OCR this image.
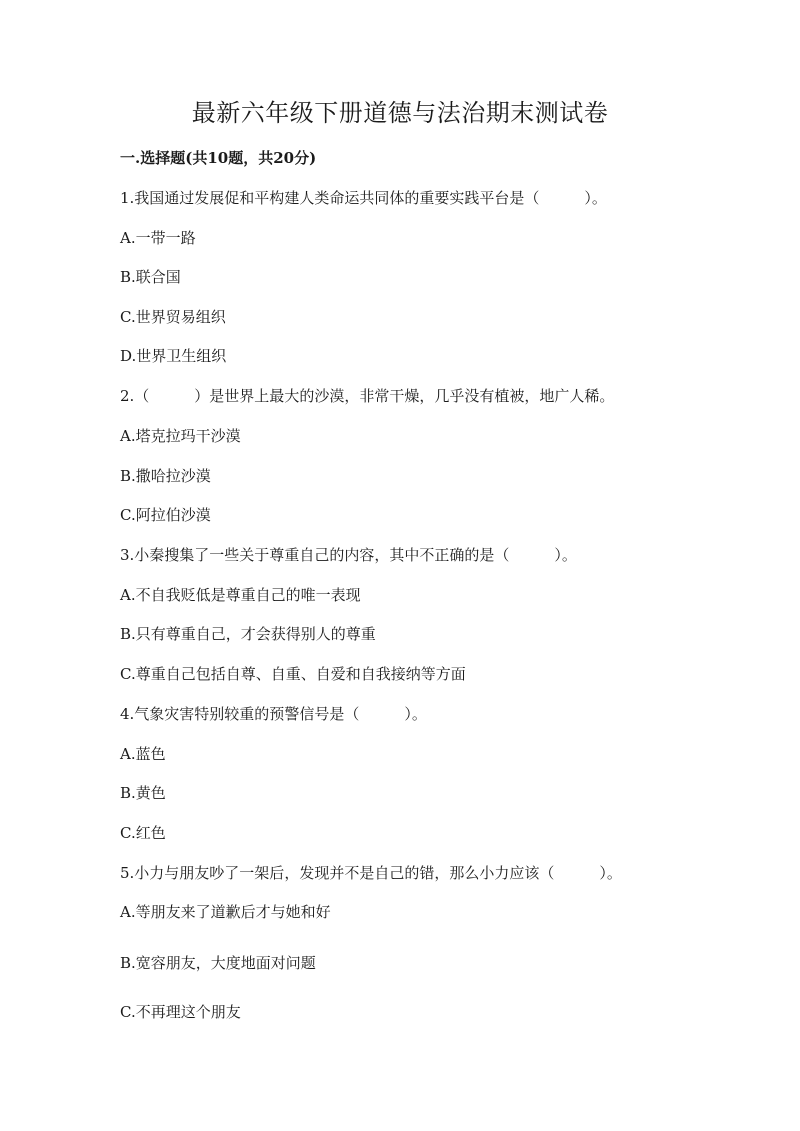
最新六年级下册道德与法治期末测试卷
一.选择题(共10题，共20分)
1.我国通过发展促和平构建人类命运共同体的重要实践平台是（　　　）。
A.一带一路
B.联合国
C.世界贸易组织
D.世界卫生组织
2.（　　　）是世界上最大的沙漠，非常干燥，几乎没有植被，地广人稀。
A.塔克拉玛干沙漠
B.撒哈拉沙漠
C.阿拉伯沙漠
3.小秦搜集了一些关于尊重自己的内容，其中不正确的是（　　　）。
A.不自我贬低是尊重自己的唯一表现
B.只有尊重自己，才会获得别人的尊重
C.尊重自己包括自尊、自重、自爱和自我接纳等方面
4.气象灾害特别较重的预警信号是（　　　）。
A.蓝色
B.黄色
C.红色
5.小力与朋友吵了一架后，发现并不是自己的错，那么小力应该（　　　）。
A.等朋友来了道歉后才与她和好
B.宽容朋友，大度地面对问题
C.不再理这个朋友
